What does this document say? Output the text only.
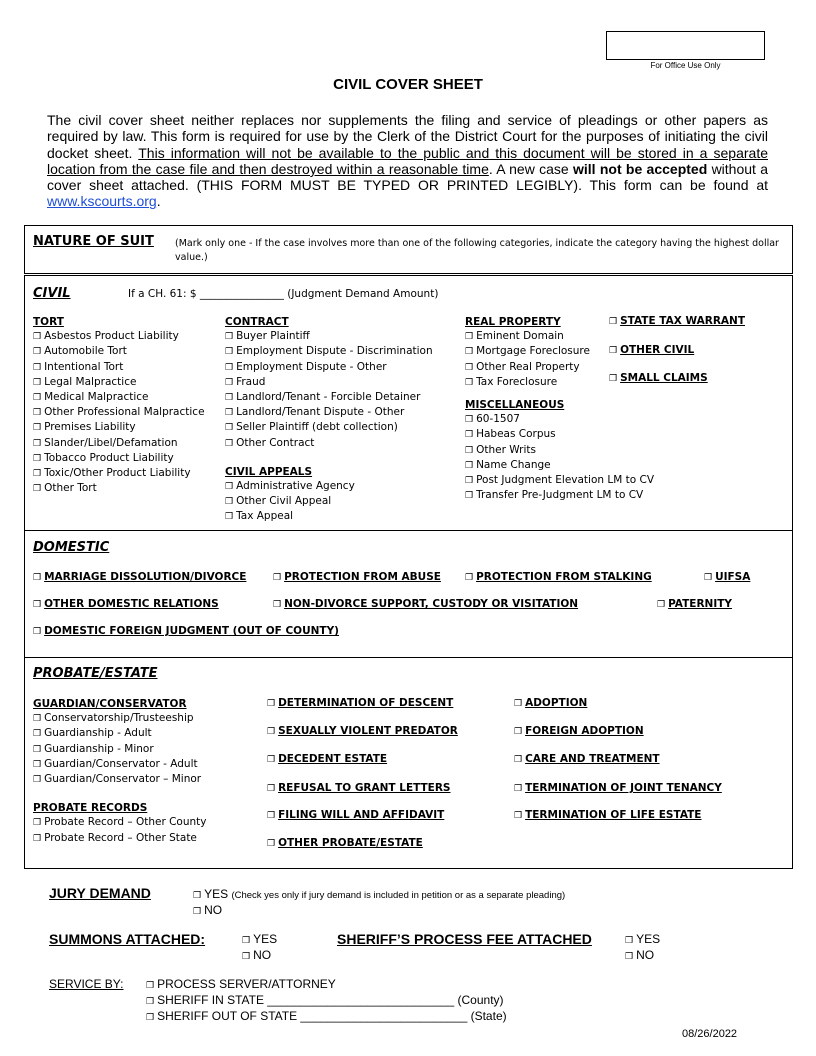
For Office Use Only
CIVIL COVER SHEET
The civil cover sheet neither replaces nor supplements the filing and service of pleadings or other papers as required by law. This form is required for use by the Clerk of the District Court for the purposes of initiating the civil docket sheet. This information will not be available to the public and this document will be stored in a separate location from the case file and then destroyed within a reasonable time. A new case will not be accepted without a cover sheet attached. (THIS FORM MUST BE TYPED OR PRINTED LEGIBLY). This form can be found at www.kscourts.org.
NATURE OF SUIT (Mark only one - If the case involves more than one of the following categories, indicate the category having the highest dollar value.)
CIVIL	If a CH. 61: $ ________________ (Judgment Demand Amount)
TORT
❒ Asbestos Product Liability
❒ Automobile Tort
❒ Intentional Tort
❒ Legal Malpractice
❒ Medical Malpractice
❒ Other Professional Malpractice
❒ Premises Liability
❒ Slander/Libel/Defamation
❒ Tobacco Product Liability
❒ Toxic/Other Product Liability
❒ Other Tort
CONTRACT
❒ Buyer Plaintiff
❒ Employment Dispute - Discrimination
❒ Employment Dispute - Other
❒ Fraud
❒ Landlord/Tenant - Forcible Detainer
❒ Landlord/Tenant Dispute - Other
❒ Seller Plaintiff (debt collection)
❒ Other Contract
CIVIL APPEALS
❒ Administrative Agency
❒ Other Civil Appeal
❒ Tax Appeal
REAL PROPERTY
❒ Eminent Domain
❒ Mortgage Foreclosure
❒ Other Real Property
❒ Tax Foreclosure
MISCELLANEOUS
❒ 60-1507
❒ Habeas Corpus
❒ Other Writs
❒ Name Change
❒ Post Judgment Elevation LM to CV
❒ Transfer Pre-Judgment LM to CV
❒ STATE TAX WARRANT
❒ OTHER CIVIL
❒ SMALL CLAIMS
DOMESTIC
❒ MARRIAGE DISSOLUTION/DIVORCE	❒ PROTECTION FROM ABUSE	❒ PROTECTION FROM STALKING	❒ UIFSA
❒ OTHER DOMESTIC RELATIONS	❒ NON-DIVORCE SUPPORT, CUSTODY OR VISITATION	❒ PATERNITY
❒ DOMESTIC FOREIGN JUDGMENT (OUT OF COUNTY)
PROBATE/ESTATE
GUARDIAN/CONSERVATOR
❒ Conservatorship/Trusteeship
❒ Guardianship - Adult
❒ Guardianship - Minor
❒ Guardian/Conservator - Adult
❒ Guardian/Conservator – Minor
PROBATE RECORDS
❒ Probate Record – Other County
❒ Probate Record – Other State
❒ DETERMINATION OF DESCENT
❒ SEXUALLY VIOLENT PREDATOR
❒ DECEDENT ESTATE
❒ REFUSAL TO GRANT LETTERS
❒ FILING WILL AND AFFIDAVIT
❒ OTHER PROBATE/ESTATE
❒ ADOPTION
❒ FOREIGN ADOPTION
❒ CARE AND TREATMENT
❒ TERMINATION OF JOINT TENANCY
❒ TERMINATION OF LIFE ESTATE
JURY DEMAND	❒ YES (Check yes only if jury demand is included in petition or as a separate pleading)
❒ NO
SUMMONS ATTACHED:	❒ YES
❒ NO
SHERIFF’S PROCESS FEE ATTACHED	❒ YES
❒ NO
SERVICE BY:	❒ PROCESS SERVER/ATTORNEY
❒ SHERIFF IN STATE ____________________________ (County)
❒ SHERIFF OUT OF STATE _________________________ (State)
08/26/2022
